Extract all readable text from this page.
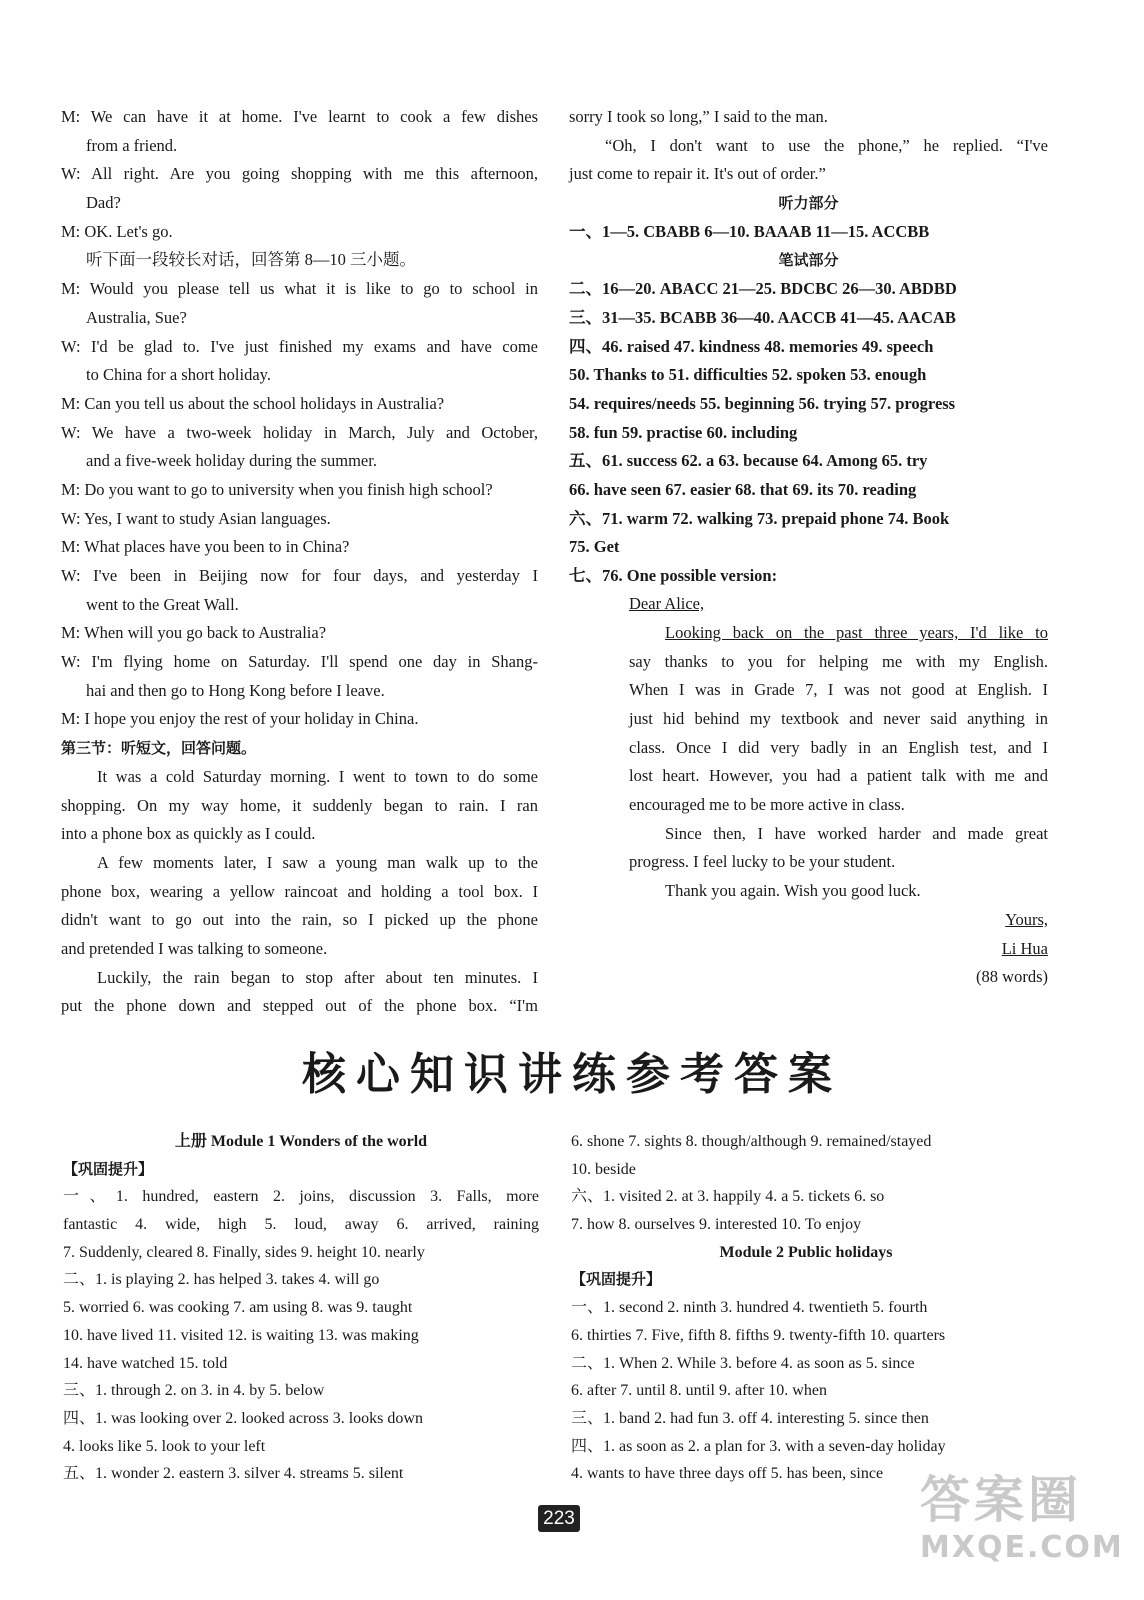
M: We can have it at home. I've learnt to cook a few dishes
from a friend.
W: All right. Are you going shopping with me this afternoon,
Dad?
M: OK. Let's go.
听下面一段较长对话，回答第 8—10 三小题。
M: Would you please tell us what it is like to go to school in
Australia, Sue?
W: I'd be glad to. I've just finished my exams and have come
to China for a short holiday.
M: Can you tell us about the school holidays in Australia?
W: We have a two-week holiday in March, July and October,
and a five-week holiday during the summer.
M: Do you want to go to university when you finish high school?
W: Yes, I want to study Asian languages.
M: What places have you been to in China?
W: I've been in Beijing now for four days, and yesterday I
went to the Great Wall.
M: When will you go back to Australia?
W: I'm flying home on Saturday. I'll spend one day in Shang-
hai and then go to Hong Kong before I leave.
M: I hope you enjoy the rest of your holiday in China.
第三节：听短文，回答问题。
It was a cold Saturday morning. I went to town to do some
shopping. On my way home, it suddenly began to rain. I ran
into a phone box as quickly as I could.
A few moments later, I saw a young man walk up to the
phone box, wearing a yellow raincoat and holding a tool box. I
didn't want to go out into the rain, so I picked up the phone
and pretended I was talking to someone.
Luckily, the rain began to stop after about ten minutes. I
put the phone down and stepped out of the phone box. “I'm
sorry I took so long,” I said to the man.
“Oh, I don't want to use the phone,” he replied. “I've
just come to repair it. It's out of order.”
听力部分
一、1—5. CBABB 6—10. BAAAB 11—15. ACCBB
笔试部分
二、16—20. ABACC 21—25. BDCBC 26—30. ABDBD
三、31—35. BCABB 36—40. AACCB 41—45. AACAB
四、46. raised 47. kindness 48. memories 49. speech
50. Thanks to 51. difficulties 52. spoken 53. enough
54. requires/needs 55. beginning 56. trying 57. progress
58. fun 59. practise 60. including
五、61. success 62. a 63. because 64. Among 65. try
66. have seen 67. easier 68. that 69. its 70. reading
六、71. warm 72. walking 73. prepaid phone 74. Book
75. Get
七、76. One possible version:
Dear Alice,
Looking back on the past three years, I'd like to
say thanks to you for helping me with my English.
When I was in Grade 7, I was not good at English. I
just hid behind my textbook and never said anything in
class. Once I did very badly in an English test, and I
lost heart. However, you had a patient talk with me and
encouraged me to be more active in class.
Since then, I have worked harder and made great
progress. I feel lucky to be your student.
Thank you again. Wish you good luck.
Yours,
Li Hua
(88 words)
核心知识讲练参考答案
上册 Module 1 Wonders of the world
【巩固提升】
一、1. hundred, eastern 2. joins, discussion 3. Falls, more
fantastic 4. wide, high 5. loud, away 6. arrived, raining
7. Suddenly, cleared 8. Finally, sides 9. height 10. nearly
二、1. is playing 2. has helped 3. takes 4. will go
5. worried 6. was cooking 7. am using 8. was 9. taught
10. have lived 11. visited 12. is waiting 13. was making
14. have watched 15. told
三、1. through 2. on 3. in 4. by 5. below
四、1. was looking over 2. looked across 3. looks down
4. looks like 5. look to your left
五、1. wonder 2. eastern 3. silver 4. streams 5. silent
6. shone 7. sights 8. though/although 9. remained/stayed
10. beside
六、1. visited 2. at 3. happily 4. a 5. tickets 6. so
7. how 8. ourselves 9. interested 10. To enjoy
Module 2 Public holidays
【巩固提升】
一、1. second 2. ninth 3. hundred 4. twentieth 5. fourth
6. thirties 7. Five, fifth 8. fifths 9. twenty-fifth 10. quarters
二、1. When 2. While 3. before 4. as soon as 5. since
6. after 7. until 8. until 9. after 10. when
三、1. band 2. had fun 3. off 4. interesting 5. since then
四、1. as soon as 2. a plan for 3. with a seven-day holiday
4. wants to have three days off 5. has been, since
223	答案圈
MXQE.COM
